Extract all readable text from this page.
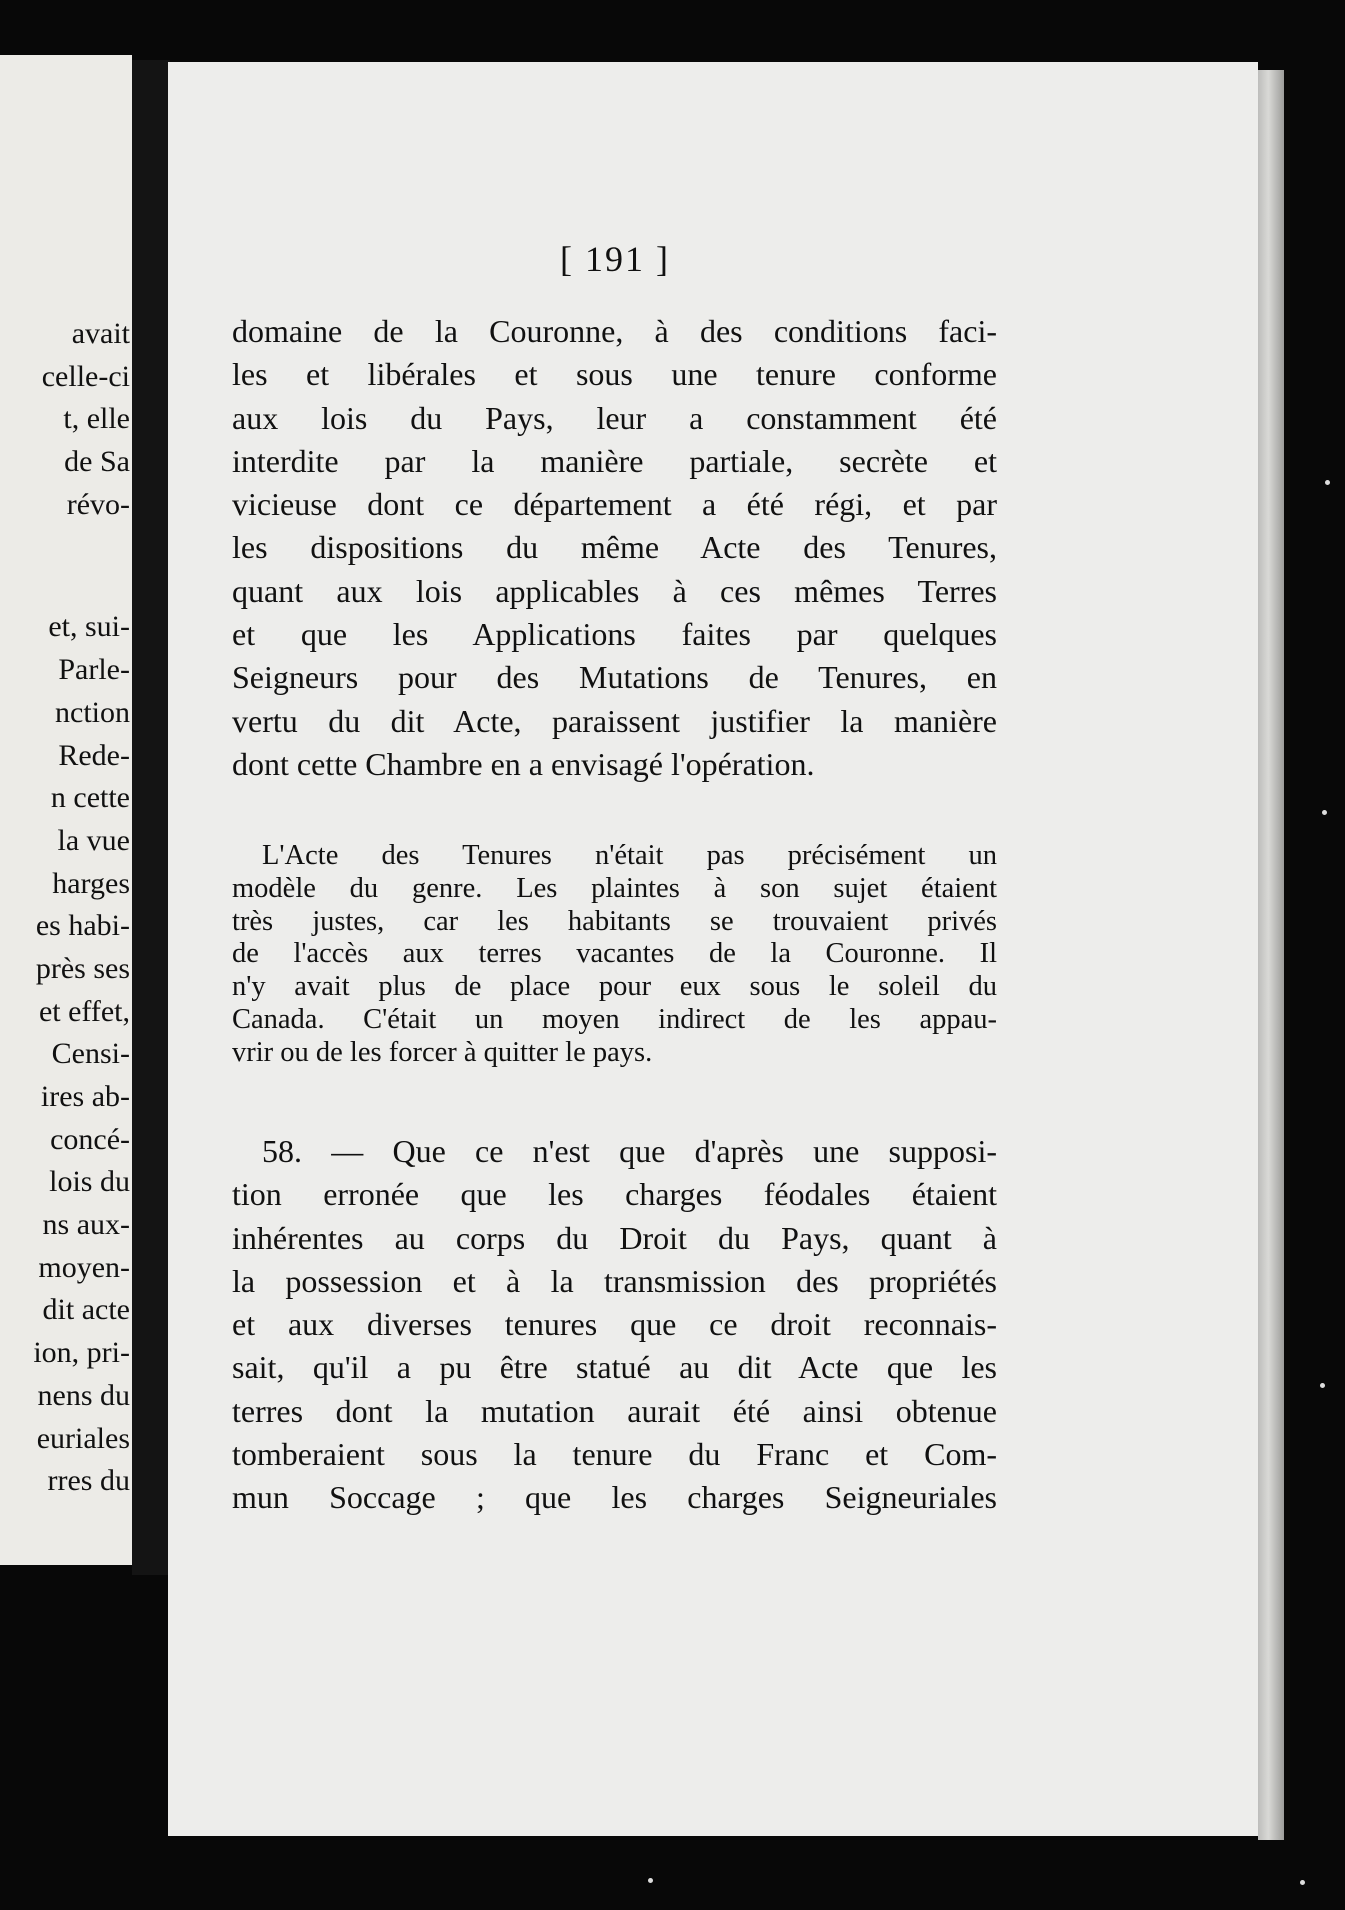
avait
celle-ci
t, elle
de Sa
révo-
et, sui-
Parle-
nction
Rede-
n cette
la vue
harges
es habi-
près ses
et effet,
Censi-
ires ab-
concé-
lois du
ns aux-
moyen-
dit acte
ion, pri-
nens du
euriales
rres du
[ 191 ]
domaine de la Couronne, à des conditions faci-
les et libérales et sous une tenure conforme
aux lois du Pays, leur a constamment été
interdite par la manière partiale, secrète et
vicieuse dont ce département a été régi, et par
les dispositions du même Acte des Tenures,
quant aux lois applicables à ces mêmes Terres
et que les Applications faites par quelques
Seigneurs pour des Mutations de Tenures, en
vertu du dit Acte, paraissent justifier la manière
dont cette Chambre en a envisagé l'opération.
L'Acte des Tenures n'était pas précisément un
modèle du genre. Les plaintes à son sujet étaient
très justes, car les habitants se trouvaient privés
de l'accès aux terres vacantes de la Couronne. Il
n'y avait plus de place pour eux sous le soleil du
Canada. C'était un moyen indirect de les appau-
vrir ou de les forcer à quitter le pays.
58. — Que ce n'est que d'après une supposi-
tion erronée que les charges féodales étaient
inhérentes au corps du Droit du Pays, quant à
la possession et à la transmission des propriétés
et aux diverses tenures que ce droit reconnais-
sait, qu'il a pu être statué au dit Acte que les
terres dont la mutation aurait été ainsi obtenue
tomberaient sous la tenure du Franc et Com-
mun Soccage ; que les charges Seigneuriales
